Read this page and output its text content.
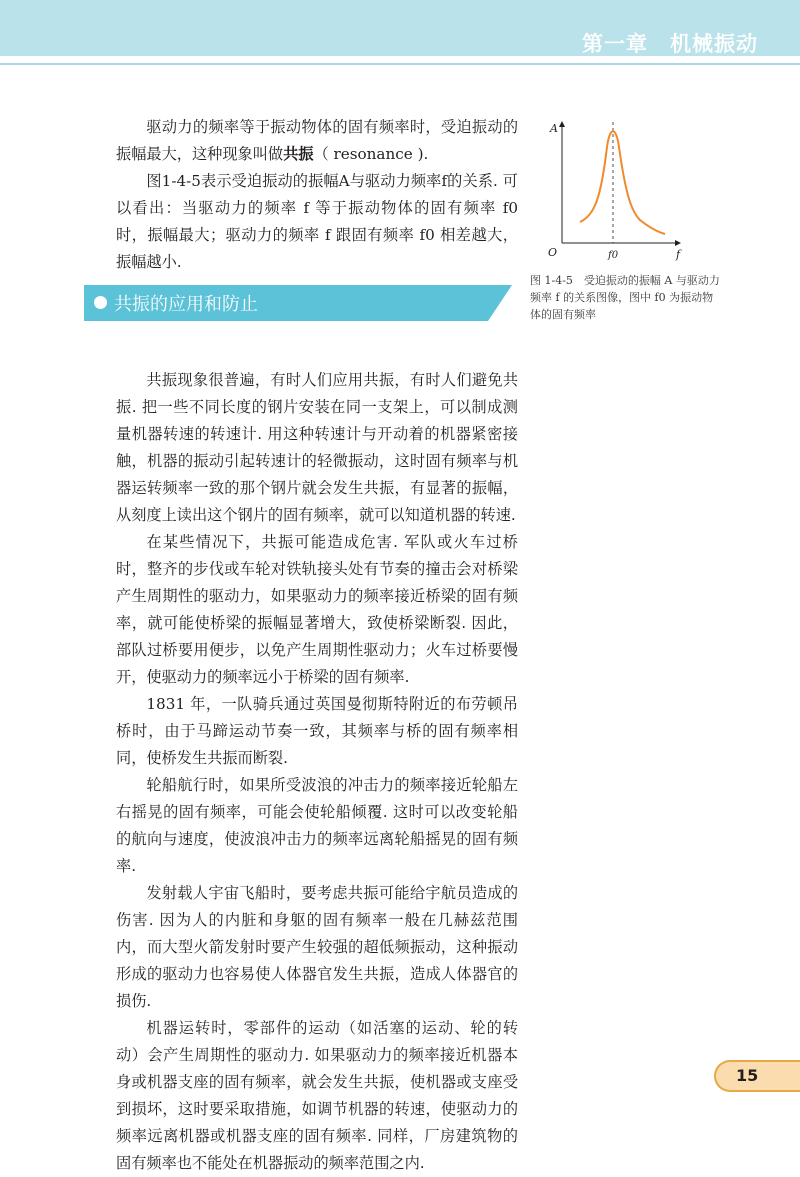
第一章　机械振动

驱动力的频率等于振动物体的固有频率时，受迫振动的振幅最大，这种现象叫做共振（ resonance ).

图1-4-5表示受迫振动的振幅A与驱动力频率f的关系. 可以看出：当驱动力的频率 f 等于振动物体的固有频率 f0 时，振幅最大；驱动力的频率 f 跟固有频率 f0 相差越大，振幅越小.

A
f
O	f0
图 1-4-5　受迫振动的振幅 A 与驱动力频率 f 的关系图像，图中 f0 为振动物体的固有频率
共振的应用和防止

共振现象很普遍，有时人们应用共振，有时人们避免共振. 把一些不同长度的钢片安装在同一支架上，可以制成测量机器转速的转速计. 用这种转速计与开动着的机器紧密接触，机器的振动引起转速计的轻微振动，这时固有频率与机器运转频率一致的那个钢片就会发生共振，有显著的振幅，从刻度上读出这个钢片的固有频率，就可以知道机器的转速.

在某些情况下，共振可能造成危害. 军队或火车过桥时，整齐的步伐或车轮对铁轨接头处有节奏的撞击会对桥梁产生周期性的驱动力，如果驱动力的频率接近桥梁的固有频率，就可能使桥梁的振幅显著增大，致使桥梁断裂. 因此，部队过桥要用便步，以免产生周期性驱动力；火车过桥要慢开，使驱动力的频率远小于桥梁的固有频率.

1831 年，一队骑兵通过英国曼彻斯特附近的布劳顿吊桥时，由于马蹄运动节奏一致，其频率与桥的固有频率相同，使桥发生共振而断裂.

轮船航行时，如果所受波浪的冲击力的频率接近轮船左右摇晃的固有频率，可能会使轮船倾覆. 这时可以改变轮船的航向与速度，使波浪冲击力的频率远离轮船摇晃的固有频率.

发射载人宇宙飞船时，要考虑共振可能给宇航员造成的伤害. 因为人的内脏和身躯的固有频率一般在几赫兹范围内，而大型火箭发射时要产生较强的超低频振动，这种振动形成的驱动力也容易使人体器官发生共振，造成人体器官的损伤.

机器运转时，零部件的运动（如活塞的运动、轮的转动）会产生周期性的驱动力. 如果驱动力的频率接近机器本身或机器支座的固有频率，就会发生共振，使机器或支座受到损坏，这时要采取措施，如调节机器的转速，使驱动力的频率远离机器或机器支座的固有频率. 同样，厂房建筑物的固有频率也不能处在机器振动的频率范围之内.

15
